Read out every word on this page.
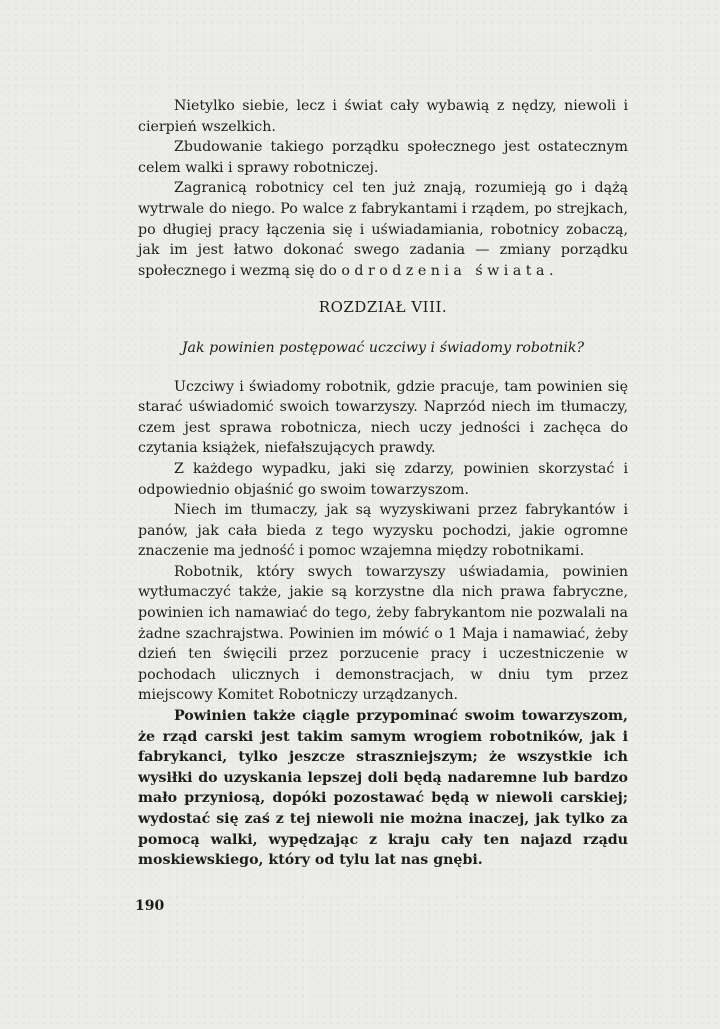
Nietylko siebie, lecz i świat cały wybawią z nędzy, niewoli i cierpień wszelkich.

Zbudowanie takiego porządku społecznego jest ostatecznym celem walki i sprawy robotniczej.

Zagranicą robotnicy cel ten już znają, rozumieją go i dążą wytrwale do niego. Po walce z fabrykantami i rządem, po strejkach, po długiej pracy łączenia się i uświadamiania, robotnicy zobaczą, jak im jest łatwo dokonać swego zadania — zmiany porządku społecznego i wezmą się do odrodzenia świata.

ROZDZIAŁ VIII.

Jak powinien postępować uczciwy i świadomy robotnik?

Uczciwy i świadomy robotnik, gdzie pracuje, tam powinien się starać uświadomić swoich towarzyszy. Naprzód niech im tłumaczy, czem jest sprawa robotnicza, niech uczy jedności i zachęca do czytania książek, niefałszujących prawdy.

Z każdego wypadku, jaki się zdarzy, powinien skorzystać i odpowiednio objaśnić go swoim towarzyszom.

Niech im tłumaczy, jak są wyzyskiwani przez fabrykantów i panów, jak cała bieda z tego wyzysku pochodzi, jakie ogromne znaczenie ma jedność i pomoc wzajemna między robotnikami.

Robotnik, który swych towarzyszy uświadamia, powinien wytłumaczyć także, jakie są korzystne dla nich prawa fabryczne, powinien ich namawiać do tego, żeby fabrykantom nie pozwalali na żadne szachrajstwa. Powinien im mówić o 1 Maja i namawiać, żeby dzień ten święcili przez porzucenie pracy i uczestniczenie w pochodach ulicznych i demonstracjach, w dniu tym przez miejscowy Komitet Robotniczy urządzanych.

Powinien także ciągle przypominać swoim towarzyszom, że rząd carski jest takim samym wrogiem robotników, jak i fabrykanci, tylko jeszcze straszniejszym; że wszystkie ich wysiłki do uzyskania lepszej doli będą nadaremne lub bardzo mało przyniosą, dopóki pozostawać będą w niewoli carskiej; wydostać się zaś z tej niewoli nie można inaczej, jak tylko za pomocą walki, wypędzając z kraju cały ten najazd rządu moskiewskiego, który od tylu lat nas gnębi.

190
